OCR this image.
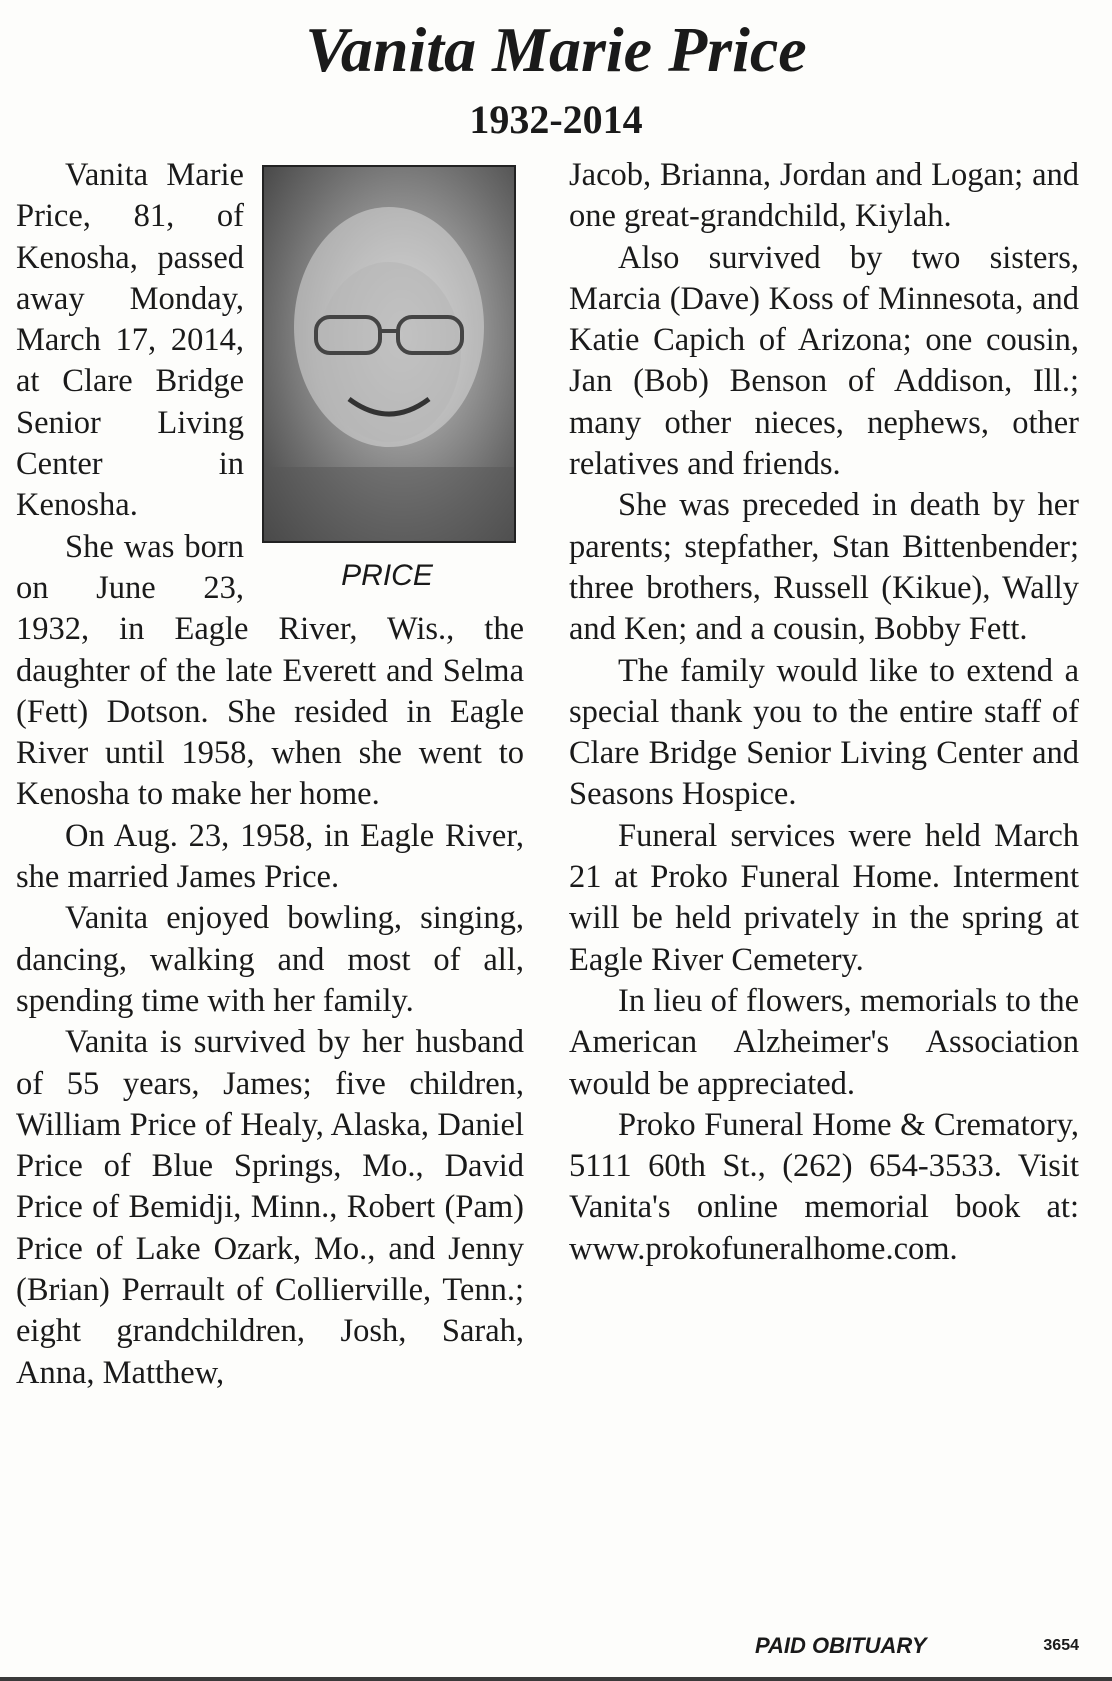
Vanita Marie Price
1932-2014
PRICE

Vanita Marie Price, 81, of Kenosha, passed away Monday, March 17, 2014, at Clare Bridge Senior Living Center in Kenosha.

She was born on June 23, 1932, in Eagle River, Wis., the daughter of the late Everett and Selma (Fett) Dotson. She resided in Eagle River until 1958, when she went to Kenosha to make her home.

On Aug. 23, 1958, in Eagle River, she married James Price.

Vanita enjoyed bowling, singing, dancing, walking and most of all, spending time with her family.

Vanita is survived by her husband of 55 years, James; five children, William Price of Healy, Alaska, Daniel Price of Blue Springs, Mo., David Price of Bemidji, Minn., Robert (Pam) Price of Lake Ozark, Mo., and Jenny (Brian) Perrault of Collierville, Tenn.; eight grandchildren, Josh, Sarah, Anna, Matthew,

Jacob, Brianna, Jordan and Logan; and one great-grandchild, Kiylah.

Also survived by two sisters, Marcia (Dave) Koss of Minnesota, and Katie Capich of Arizona; one cousin, Jan (Bob) Benson of Addison, Ill.; many other nieces, nephews, other relatives and friends.

She was preceded in death by her parents; stepfather, Stan Bittenbender; three brothers, Russell (Kikue), Wally and Ken; and a cousin, Bobby Fett.

The family would like to extend a special thank you to the entire staff of Clare Bridge Senior Living Center and Seasons Hospice.

Funeral services were held March 21 at Proko Funeral Home. Interment will be held privately in the spring at Eagle River Cemetery.

In lieu of flowers, memorials to the American Alzheimer's Association would be appreciated.

Proko Funeral Home & Crematory, 5111 60th St., (262) 654-3533. Visit Vanita's online memorial book at: www.prokofuneralhome.com.

PAID OBITUARY	3654
